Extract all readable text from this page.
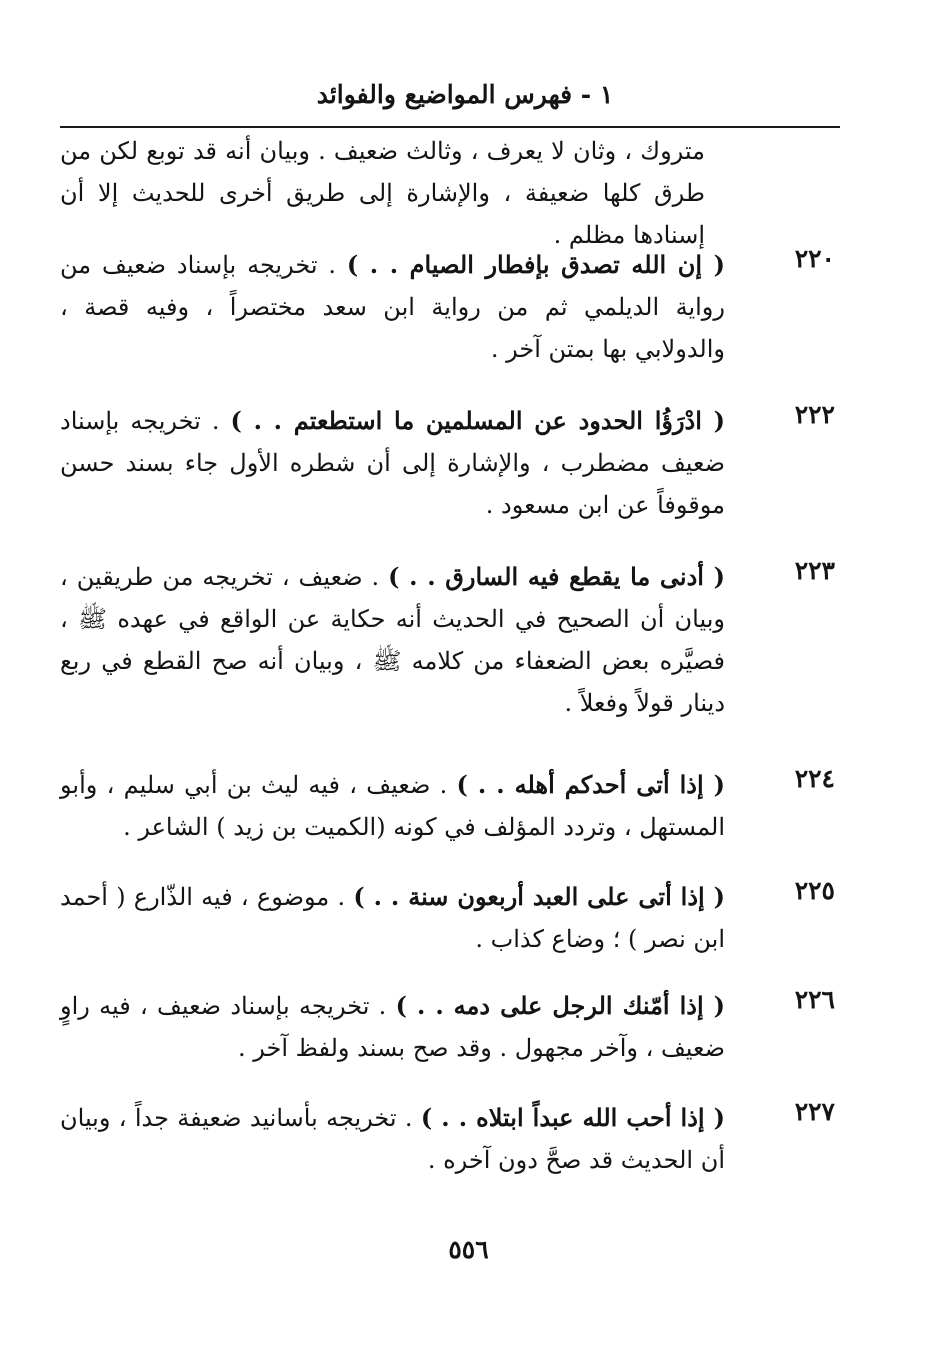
١ - فهرس المواضيع والفوائد
متروك ، وثان لا يعرف ، وثالث ضعيف . وبيان أنه قد توبع لكن من طرق كلها ضعيفة ، والإشارة إلى طريق أخرى للحديث إلا أن إسنادها مظلم .
٢٢٠
( إن الله تصدق بإفطار الصيام . . ) . تخريجه بإسناد ضعيف من رواية الديلمي ثم من رواية ابن سعد مختصراً ، وفيه قصة ، والدولابي بها بمتن آخر .
٢٢٢
( ادْرَؤُا الحدود عن المسلمين ما استطعتم . . ) . تخريجه بإسناد ضعيف مضطرب ، والإشارة إلى أن شطره الأول جاء بسند حسن موقوفاً عن ابن مسعود .
٢٢٣
( أدنى ما يقطع فيه السارق . . ) . ضعيف ، تخريجه من طريقين ، وبيان أن الصحيح في الحديث أنه حكاية عن الواقع في عهده ﷺ ، فصيَّره بعض الضعفاء من كلامه ﷺ ، وبيان أنه صح القطع في ربع دينار قولاً وفعلاً .
٢٢٤
( إذا أتى أحدكم أهله . . ) . ضعيف ، فيه ليث بن أبي سليم ، وأبو المستهل ، وتردد المؤلف في كونه (الكميت بن زيد ) الشاعر .
٢٢٥
( إذا أتى على العبد أربعون سنة . . ) . موضوع ، فيه الذّارع ( أحمد ابن نصر ) ؛ وضاع كذاب .
٢٢٦
( إذا أمّنك الرجل على دمه . . ) . تخريجه بإسناد ضعيف ، فيه راوٍ ضعيف ، وآخر مجهول . وقد صح بسند ولفظ آخر .
٢٢٧
( إذا أحب الله عبداً ابتلاه . . ) . تخريجه بأسانيد ضعيفة جداً ، وبيان أن الحديث قد صحَّ دون آخره .
٥٥٦
